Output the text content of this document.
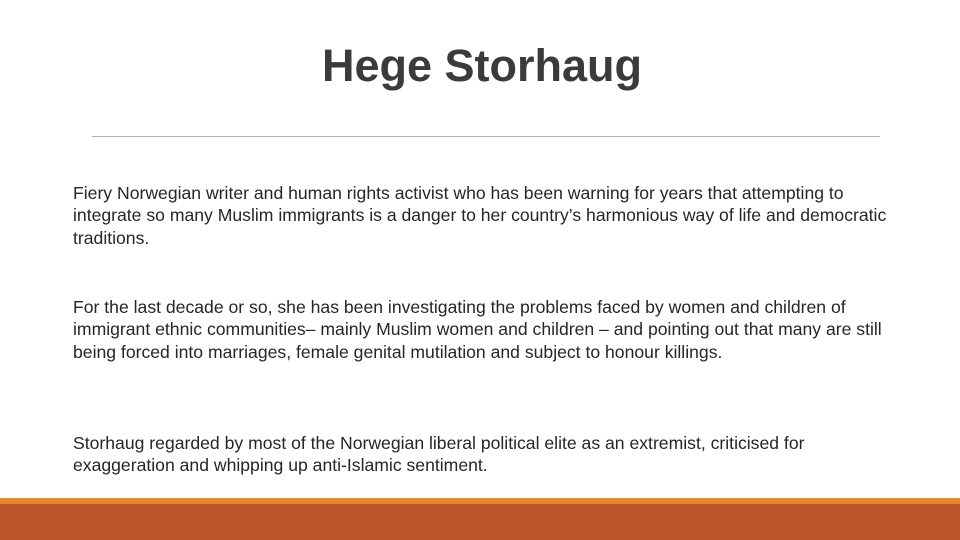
Hege Storhaug

Fiery Norwegian writer and human rights activist who has been warning for years that attempting to integrate so many Muslim immigrants is a danger to her country’s harmonious way of life and democratic traditions.

For the last decade or so, she has been investigating the problems faced by women and children of immigrant ethnic communities– mainly Muslim women and children – and pointing out that many are still being forced into marriages, female genital mutilation and subject to honour killings.

Storhaug regarded by most of the Norwegian liberal political elite as an extremist, criticised for exaggeration and whipping up anti-Islamic sentiment.
